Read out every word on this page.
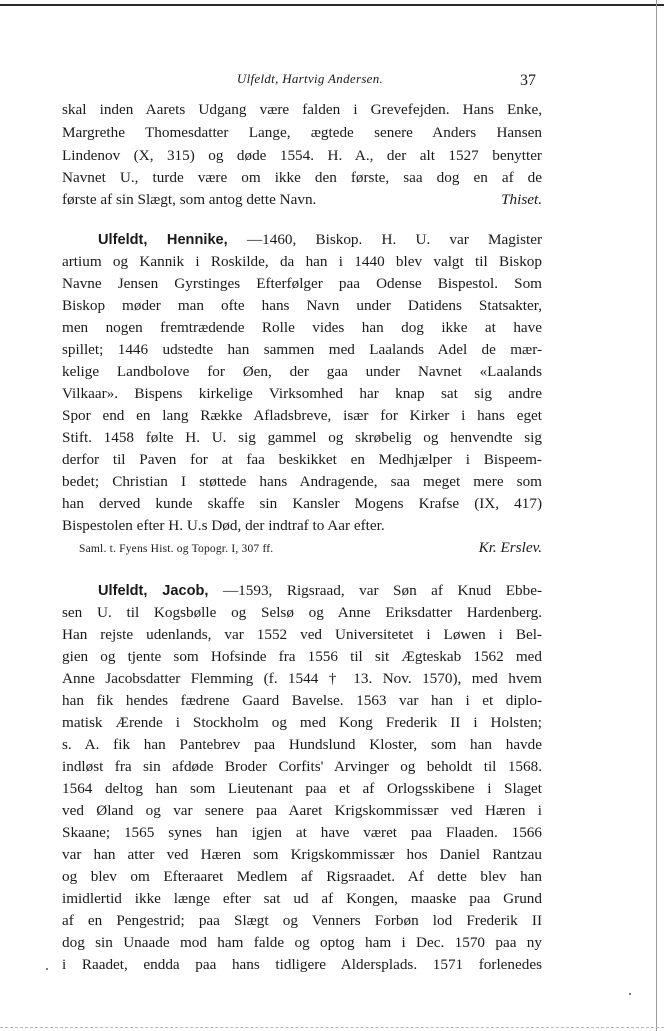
Ulfeldt, Hartvig Andersen.	37
skal inden Aarets Udgang være falden i Grevefejden. Hans Enke,
Margrethe Thomesdatter Lange, ægtede senere Anders Hansen
Lindenov (X, 315) og døde 1554. H. A., der alt 1527 benytter
Navnet U., turde være om ikke den første, saa dog en af de
første af sin Slægt, som antog dette Navn.	Thiset.
Ulfeldt, Hennike, —1460, Biskop. H. U. var Magister
artium og Kannik i Roskilde, da han i 1440 blev valgt til Biskop
Navne Jensen Gyrstinges Efterfølger paa Odense Bispestol. Som
Biskop møder man ofte hans Navn under Datidens Statsakter,
men nogen fremtrædende Rolle vides han dog ikke at have
spillet; 1446 udstedte han sammen med Laalands Adel de mær-
kelige Landbolove for Øen, der gaa under Navnet «Laalands
Vilkaar». Bispens kirkelige Virksomhed har knap sat sig andre
Spor end en lang Række Afladsbreve, især for Kirker i hans eget
Stift. 1458 følte H. U. sig gammel og skrøbelig og henvendte sig
derfor til Paven for at faa beskikket en Medhjælper i Bispeem-
bedet; Christian I støttede hans Andragende, saa meget mere som
han derved kunde skaffe sin Kansler Mogens Krafse (IX, 417)
Bispestolen efter H. U.s Død, der indtraf to Aar efter.
Saml. t. Fyens Hist. og Topogr. I, 307 ff.	Kr. Erslev.
Ulfeldt, Jacob, —1593, Rigsraad, var Søn af Knud Ebbe-
sen U. til Kogsbølle og Selsø og Anne Eriksdatter Hardenberg.
Han rejste udenlands, var 1552 ved Universitetet i Løwen i Bel-
gien og tjente som Hofsinde fra 1556 til sit Ægteskab 1562 med
Anne Jacobsdatter Flemming (f. 1544 † 13. Nov. 1570), med hvem
han fik hendes fædrene Gaard Bavelse. 1563 var han i et diplo-
matisk Ærende i Stockholm og med Kong Frederik II i Holsten;
s. A. fik han Pantebrev paa Hundslund Kloster, som han havde
indløst fra sin afdøde Broder Corfits' Arvinger og beholdt til 1568.
1564 deltog han som Lieutenant paa et af Orlogsskibene i Slaget
ved Øland og var senere paa Aaret Krigskommissær ved Hæren i
Skaane; 1565 synes han igjen at have været paa Flaaden. 1566
var han atter ved Hæren som Krigskommissær hos Daniel Rantzau
og blev om Efteraaret Medlem af Rigsraadet. Af dette blev han
imidlertid ikke længe efter sat ud af Kongen, maaske paa Grund
af en Pengestrid; paa Slægt og Venners Forbøn lod Frederik II
dog sin Unaade mod ham falde og optog ham i Dec. 1570 paa ny
i Raadet, endda paa hans tidligere Aldersplads. 1571 forlenedes
